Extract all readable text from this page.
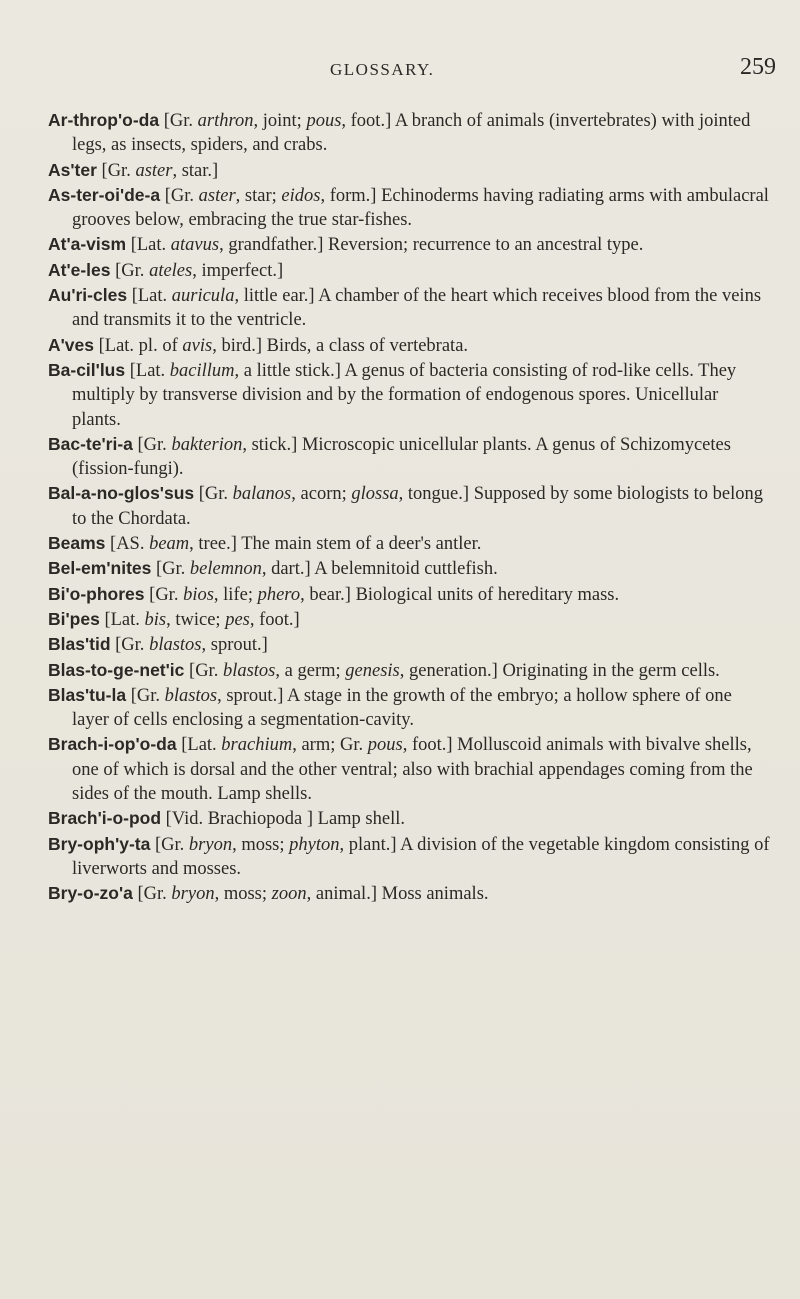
GLOSSARY.	259

Ar-throp'o-da [Gr. arthron, joint; pous, foot.] A branch of animals (invertebrates) with jointed legs, as insects, spiders, and crabs.

As'ter [Gr. aster, star.]

As-ter-oi'de-a [Gr. aster, star; eidos, form.] Echinoderms having radiating arms with ambulacral grooves below, embracing the true star-fishes.

At'a-vism [Lat. atavus, grandfather.] Reversion; recurrence to an ancestral type.

At'e-les [Gr. ateles, imperfect.]

Au'ri-cles [Lat. auricula, little ear.] A chamber of the heart which receives blood from the veins and transmits it to the ventricle.

A'ves [Lat. pl. of avis, bird.] Birds, a class of vertebrata.

Ba-cil'lus [Lat. bacillum, a little stick.] A genus of bacteria consisting of rod-like cells. They multiply by transverse division and by the formation of endogenous spores. Unicellular plants.

Bac-te'ri-a [Gr. bakterion, stick.] Microscopic unicellular plants. A genus of Schizomycetes (fission-fungi).

Bal-a-no-glos'sus [Gr. balanos, acorn; glossa, tongue.] Supposed by some biologists to belong to the Chordata.

Beams [AS. beam, tree.] The main stem of a deer's antler.

Bel-em'nites [Gr. belemnon, dart.] A belemnitoid cuttlefish.

Bi'o-phores [Gr. bios, life; phero, bear.] Biological units of hereditary mass.

Bi'pes [Lat. bis, twice; pes, foot.]

Blas'tid [Gr. blastos, sprout.]

Blas-to-ge-net'ic [Gr. blastos, a germ; genesis, generation.] Originating in the germ cells.

Blas'tu-la [Gr. blastos, sprout.] A stage in the growth of the embryo; a hollow sphere of one layer of cells enclosing a segmentation-cavity.

Brach-i-op'o-da [Lat. brachium, arm; Gr. pous, foot.] Molluscoid animals with bivalve shells, one of which is dorsal and the other ventral; also with brachial appendages coming from the sides of the mouth. Lamp shells.

Brach'i-o-pod [Vid. Brachiopoda ] Lamp shell.

Bry-oph'y-ta [Gr. bryon, moss; phyton, plant.] A division of the vegetable kingdom consisting of liverworts and mosses.

Bry-o-zo'a [Gr. bryon, moss; zoon, animal.] Moss animals.
